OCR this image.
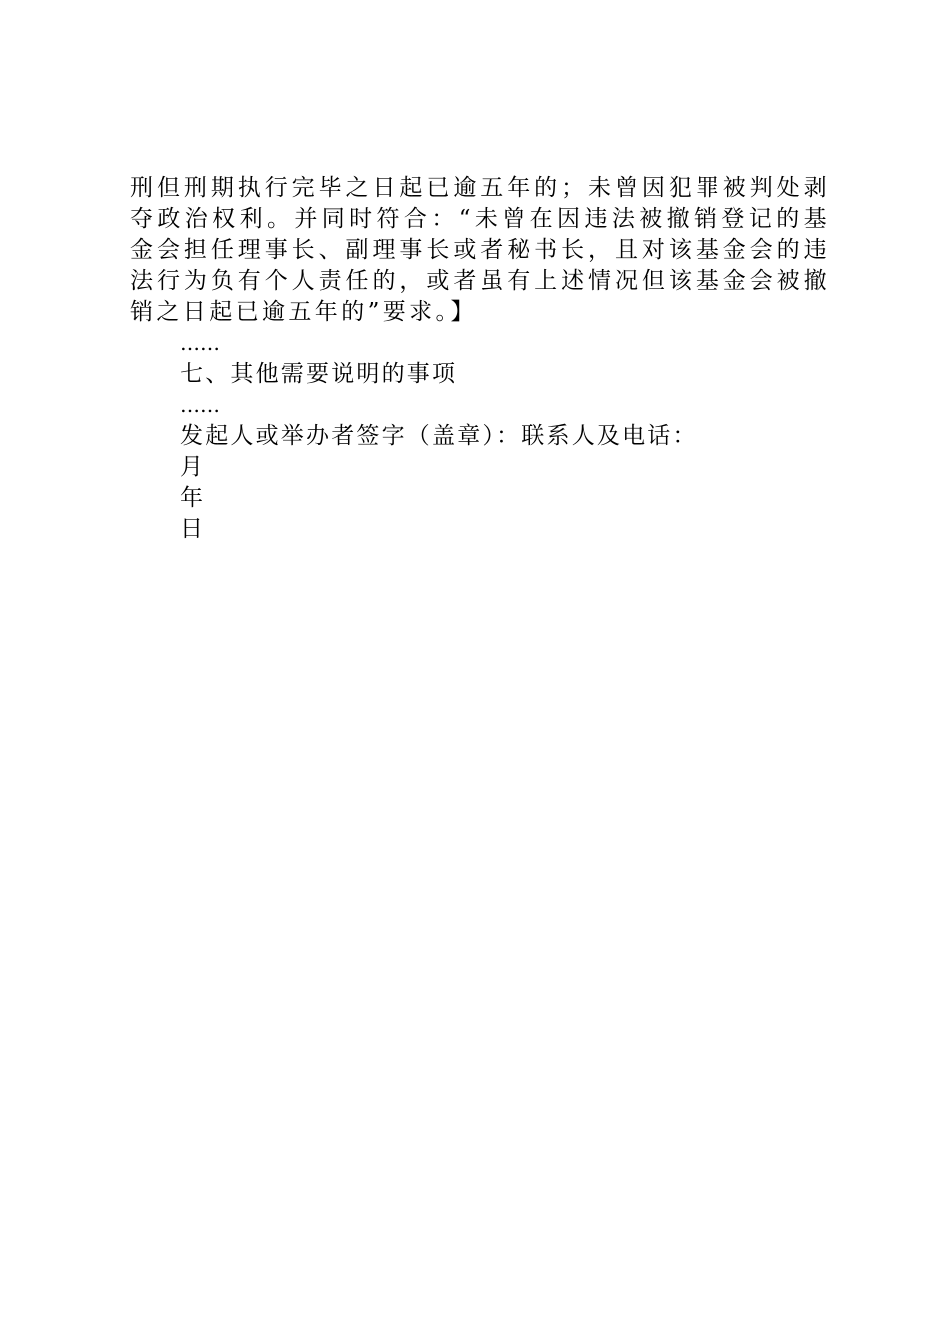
刑但刑期执行完毕之日起已逾五年的；未曾因犯罪被判处剥夺政治权利。并同时符合：“未曾在因违法被撤销登记的基金会担任理事长、副理事长或者秘书长，且对该基金会的违法行为负有个人责任的，或者虽有上述情况但该基金会被撤销之日起已逾五年的”要求。】

……

七、其他需要说明的事项

……

发起人或举办者签字（盖章）：联系人及电话：

月

年

日
